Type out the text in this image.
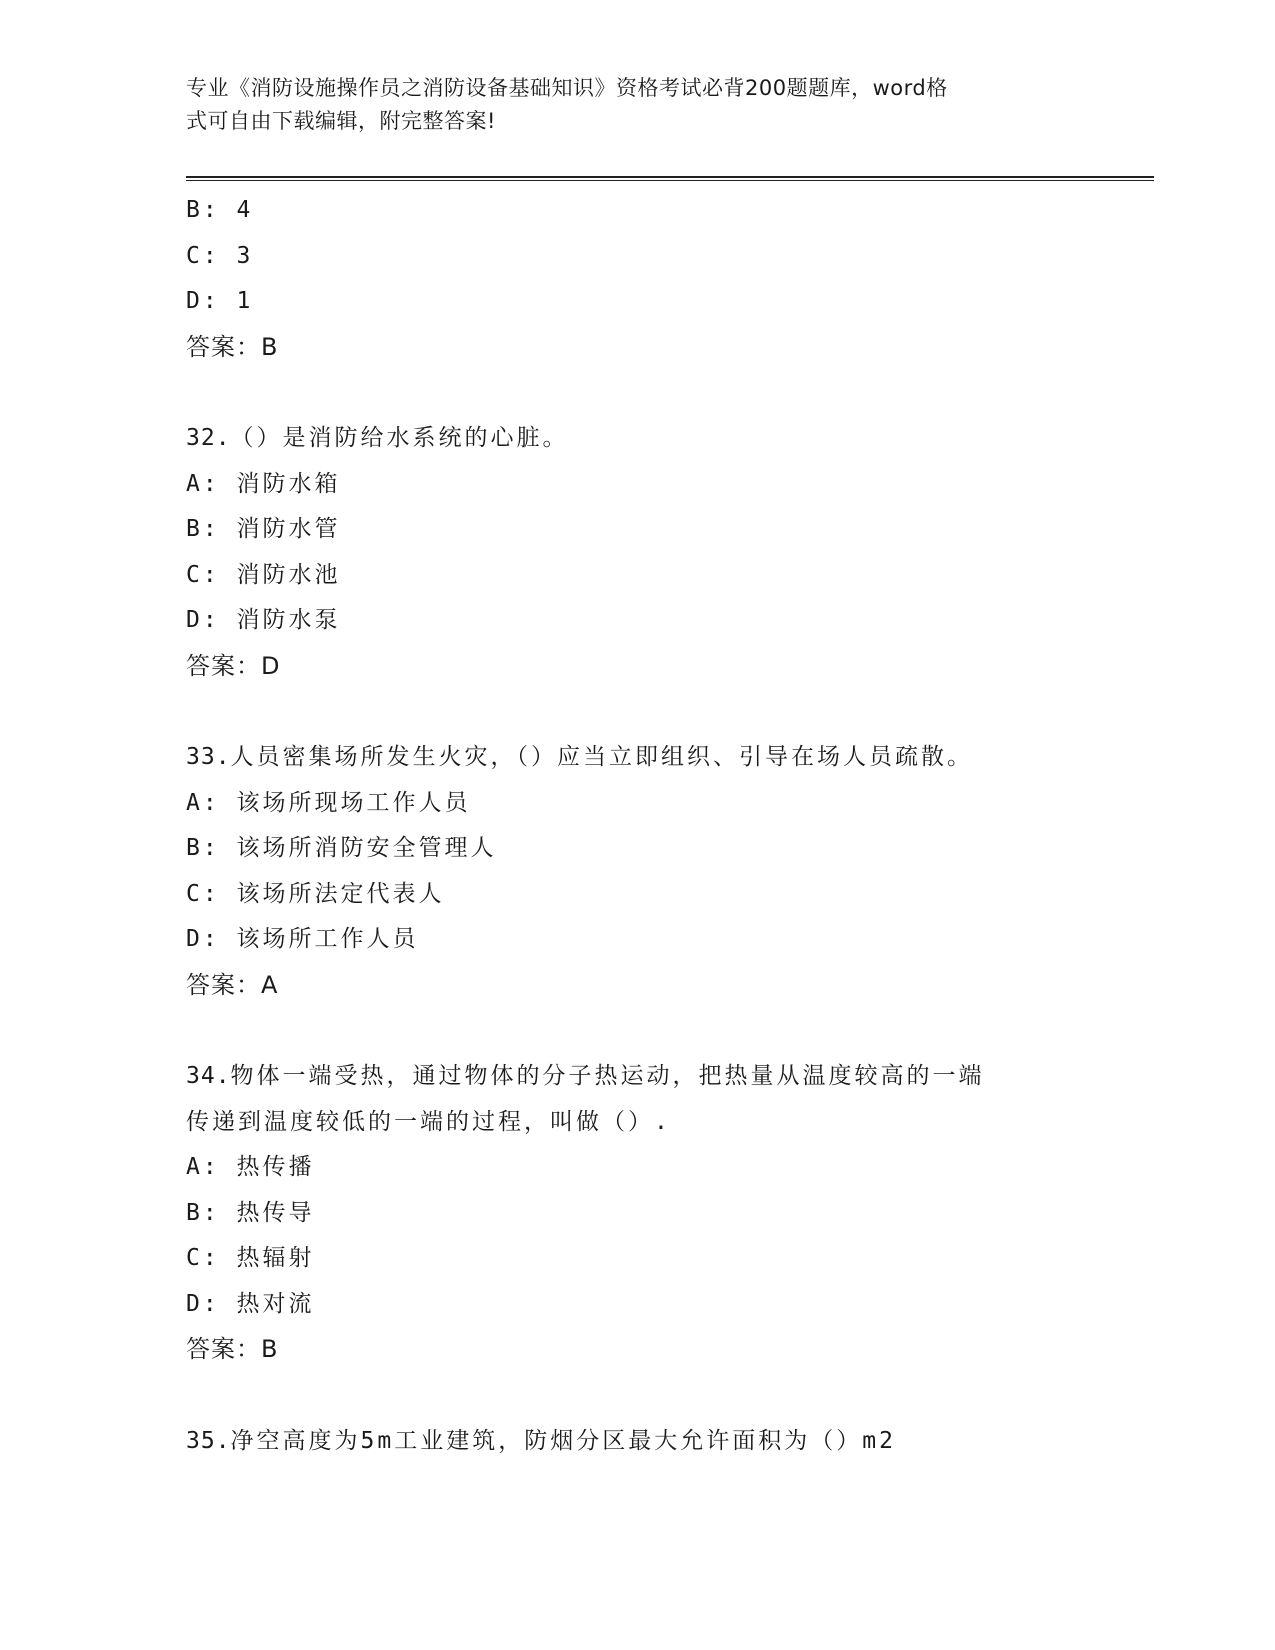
专业《消防设施操作员之消防设备基础知识》资格考试必背200题题库，word格
式可自由下载编辑，附完整答案!
B: 4
C: 3
D: 1
答案：B
32.（）是消防给水系统的心脏。
A: 消防水箱
B: 消防水管
C: 消防水池
D: 消防水泵
答案：D
33.人员密集场所发生火灾，（）应当立即组织、引导在场人员疏散。
A: 该场所现场工作人员
B: 该场所消防安全管理人
C: 该场所法定代表人
D: 该场所工作人员
答案：A
34.物体一端受热，通过物体的分子热运动，把热量从温度较高的一端
传递到温度较低的一端的过程，叫做（）.
A: 热传播
B: 热传导
C: 热辐射
D: 热对流
答案：B
35.净空高度为5m工业建筑，防烟分区最大允许面积为（）m2
